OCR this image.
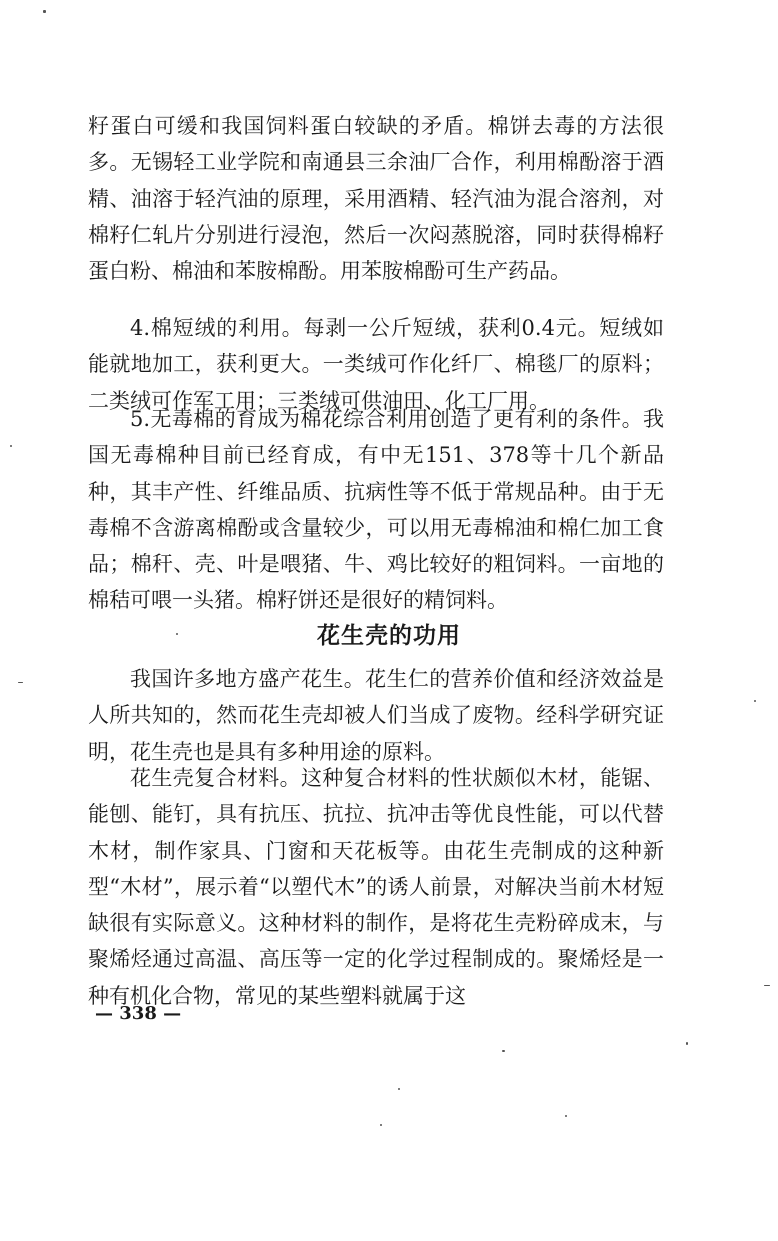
籽蛋白可缓和我国饲料蛋白较缺的矛盾。棉饼去毒的方法很多。无锡轻工业学院和南通县三余油厂合作，利用棉酚溶于酒精、油溶于轻汽油的原理，采用酒精、轻汽油为混合溶剂，对棉籽仁轧片分别进行浸泡，然后一次闷蒸脱溶，同时获得棉籽蛋白粉、棉油和苯胺棉酚。用苯胺棉酚可生产药品。

4.棉短绒的利用。每剥一公斤短绒，获利0.4元。短绒如能就地加工，获利更大。一类绒可作化纤厂、棉毯厂的原料；二类绒可作军工用；三类绒可供油田、化工厂用。

5.无毒棉的育成为棉花综合利用创造了更有利的条件。我国无毒棉种目前已经育成，有中无151、378等十几个新品种，其丰产性、纤维品质、抗病性等不低于常规品种。由于无毒棉不含游离棉酚或含量较少，可以用无毒棉油和棉仁加工食品；棉秆、壳、叶是喂猪、牛、鸡比较好的粗饲料。一亩地的棉秸可喂一头猪。棉籽饼还是很好的精饲料。

花生壳的功用

我国许多地方盛产花生。花生仁的营养价值和经济效益是人所共知的，然而花生壳却被人们当成了废物。经科学研究证明，花生壳也是具有多种用途的原料。

花生壳复合材料。这种复合材料的性状颇似木材，能锯、能刨、能钉，具有抗压、抗拉、抗冲击等优良性能，可以代替木材，制作家具、门窗和天花板等。由花生壳制成的这种新型“木材”，展示着“以塑代木”的诱人前景，对解决当前木材短缺很有实际意义。这种材料的制作，是将花生壳粉碎成末，与聚烯烃通过高温、高压等一定的化学过程制成的。聚烯烃是一种有机化合物，常见的某些塑料就属于这

— 338 —
